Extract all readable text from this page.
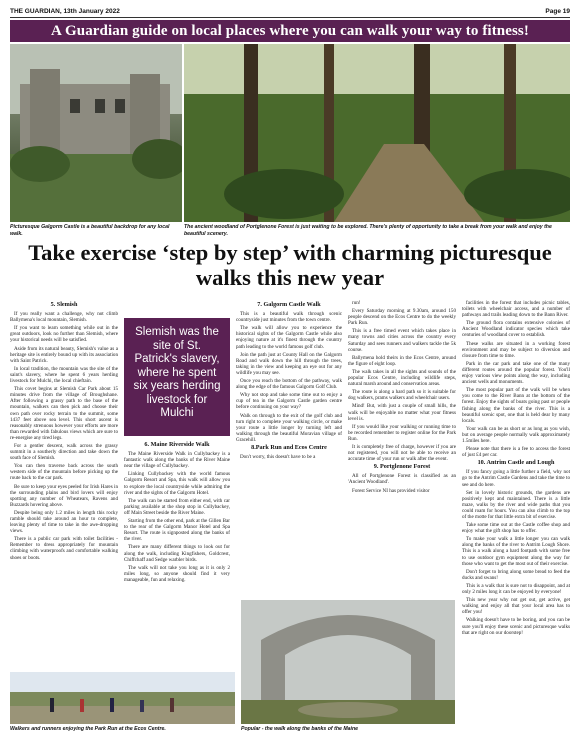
THE GUARDIAN, 13th January 2022	Page 19
A Guardian guide on local places where you can walk your way to fitness!
Picturesque Galgorm Castle is a beautiful backdrop for any local walk.
The ancient woodland of Portglenone Forest is just waiting to be explored. There's plenty of opportunity to take a break from your walk and enjoy the beautiful scenery.
Take exercise ‘step by step’ with charming picturesque walks this new year
5. Slemish

If you really want a challenge, why not climb Ballymena's local mountain, Slemish.

If you want to learn something while out in the great outdoors, look no further than Slemish, where your historical needs will be satisfied.

Aside from its natural beauty, Slemish's value as a heritage site is entirely bound up with its association with Saint Patrick.

In local tradition, the mountain was the site of the saint's slavery, where he spent 6 years herding livestock for Mulchi, the local chieftain.

This covet begins at Slemish Car Park about 15 minutes drive from the village of Broughshane. After following a grassy path to the base of the mountain, walkers can then pick and choose their own path over rocky terrain to the summit, some 1437 feet above sea level. This short ascent is reasonably strenuous however your efforts are more than rewarded with fabulous views which are sure to re-energise any tired legs.

For a gentler descent, walk across the grassy summit in a southerly direction and take down the south face of Slemish.

You can then traverse back across the south western side of the mountain before picking up the route back to the car park.

Be sure to keep your eyes peeled for Irish Hares in the surrounding plains and bird lovers will enjoy spotting any number of Wheatears, Ravens and Buzzards hovering above.

Despite being only 1.2 miles in length this rocky ramble should take around an hour to complete, leaving plenty of time to take in the awe-dropping views.

There is a public car park with toilet facilities - Remember to dress appropriately for mountain climbing with waterproofs and comfortable walking shoes or boots.

Slemish was the site of St. Patrick's slavery, where he spent six years herding livestock for Mulchi
6. Maine Riverside Walk

The Maine Riverside Walk in Cullybackey is a fantastic walk along the banks of the River Maine near the village of Cullybackey.

Linking Cullybackey with the world famous Galgorm Resort and Spa, this walk will allow you to explore the local countryside while admiring the river and the sights of the Galgorm Hotel.

The walk can be started from either end, with car parking available at the shop stop in Cullybackey, off Main Street beside the River Maine.

Starting from the other end, park at the Gillen Bar to the rear of the Galgorm Manor Hotel and Spa Resort. The route is signposted along the banks of the river.

There are many different things to look out for along the walk, including Kingfishers, Goldcrest, Chiffchaff and Sedge warbler birds.

The walk will not take you long as it is only 2 miles long, so anyone should find it very manageable, fun and relaxing.

7. Galgorm Castle Walk

This is a beautiful walk through scenic countryside just minutes from the town centre.

The walk will allow you to experience the historical sights of the Galgorm Castle while also enjoying nature at it's finest through the country path leading to the world famous golf club.

Join the path just at County Hall on the Galgorm Road and walk down the hill through the trees, taking in the view and keeping an eye out for any wildlife you may see.

Once you reach the bottom of the pathway, walk along the edge of the famous Galgorm Golf Club.

Why not stop and take some time out to enjoy a cup of tea in the Galgorm Castle garden centre before continuing on your way?

Walk on through to the exit of the golf club and turn right to complete your walking circle, or make your route a little longer by turning left and walking through the beautiful Moravian village of Gracehill.

8.Park Run and Ecos Centre

Don't worry, this doesn't have to be a

run!

Every Saturday morning at 9.30am, around 150 people descend on the Ecos Centre to do the weekly Park Run.

This is a free timed event which takes place in many towns and cities across the country every Saturday and sees runners and walkers tackle the 5k course.

Ballymena hold theirs in the Ecos Centre, around the figure of eight loop.

The walk takes in all the sights and sounds of the popular Ecos Centre, including wildlife steps, natural marsh around and conservation areas.

The route is along a hard path so it is suitable for dog walkers, prams walkers and wheelchair users.

Mind! But, with just a couple of small hills, the walk will be enjoyable no matter what your fitness level is.

If you would like your walking or running time to be recorded remember to register online for the Park Run.

It is completely free of charge, however if you are not registered, you will not be able to receive an accurate time of your run or walk after the event.

9. Portglenone Forest

All of Portglenone Forest is classified as an 'Ancient Woodland'.

Forest Service NI has provided visitor

facilities in the forest that includes picnic tables, toilets with wheelchair access, and a number of pathways and trails leading down to the Bann River.

The ground flora contains extensive colonies of Ancient Woodland indicator species which take centuries of woodland cover to establish.

These walks are situated in a working forest environment and may be subject to diversion and closure from time to time.

Park in the car park and take one of the many different routes around the popular forest. You'll enjoy various view points along the way, including ancient wells and monuments.

The most popular part of the walk will be when you come to the River Bann at the bottom of the forest. Enjoy the sights of boats going past or people fishing along the banks of the river. This is a beautiful scenic spot, one that is held dear by many locals.

Your walk can be as short or as long as you wish, but on average people normally walk approximately 1.5miles here.

Please note that there is a fee to access the forest of just £4 per car.

10. Antrim Castle and Lough

If you fancy going a little further a field, why not go to the Antrim Castle Gardens and take the time to see and do here.

Set in lovely historic grounds, the gardens are positively kept and maintained. There is a little maze, walks by the river and wide paths that you could roam for hours. You can also climb to the top of the motte for that little extra bit of exercise.

Take some time out at the Castle coffee shop and enjoy what the gift shop has to offer.

To make your walk a little longer you can walk along the banks of the river to Antrim Lough Shore. This is a walk along a hard footpath with some free to use outdoor gym equipment along the way for those who want to get the most out of their exercise.

Don't forget to bring along some bread to feed the ducks and swans!

This is a walk that is sure not to disappoint, and at only 2 miles long it can be enjoyed by everyone!

This new year why not get out, get active, get walking and enjoy all that your local area has to offer you!

Walking doesn't have to be boring, and you can be sure you'll enjoy these scenic and picturesque walks that are right on our doorstep!

Walkers and runners enjoying the Park Run at the Ecos Centre.	Popular - the walk along the banks of the Maine
